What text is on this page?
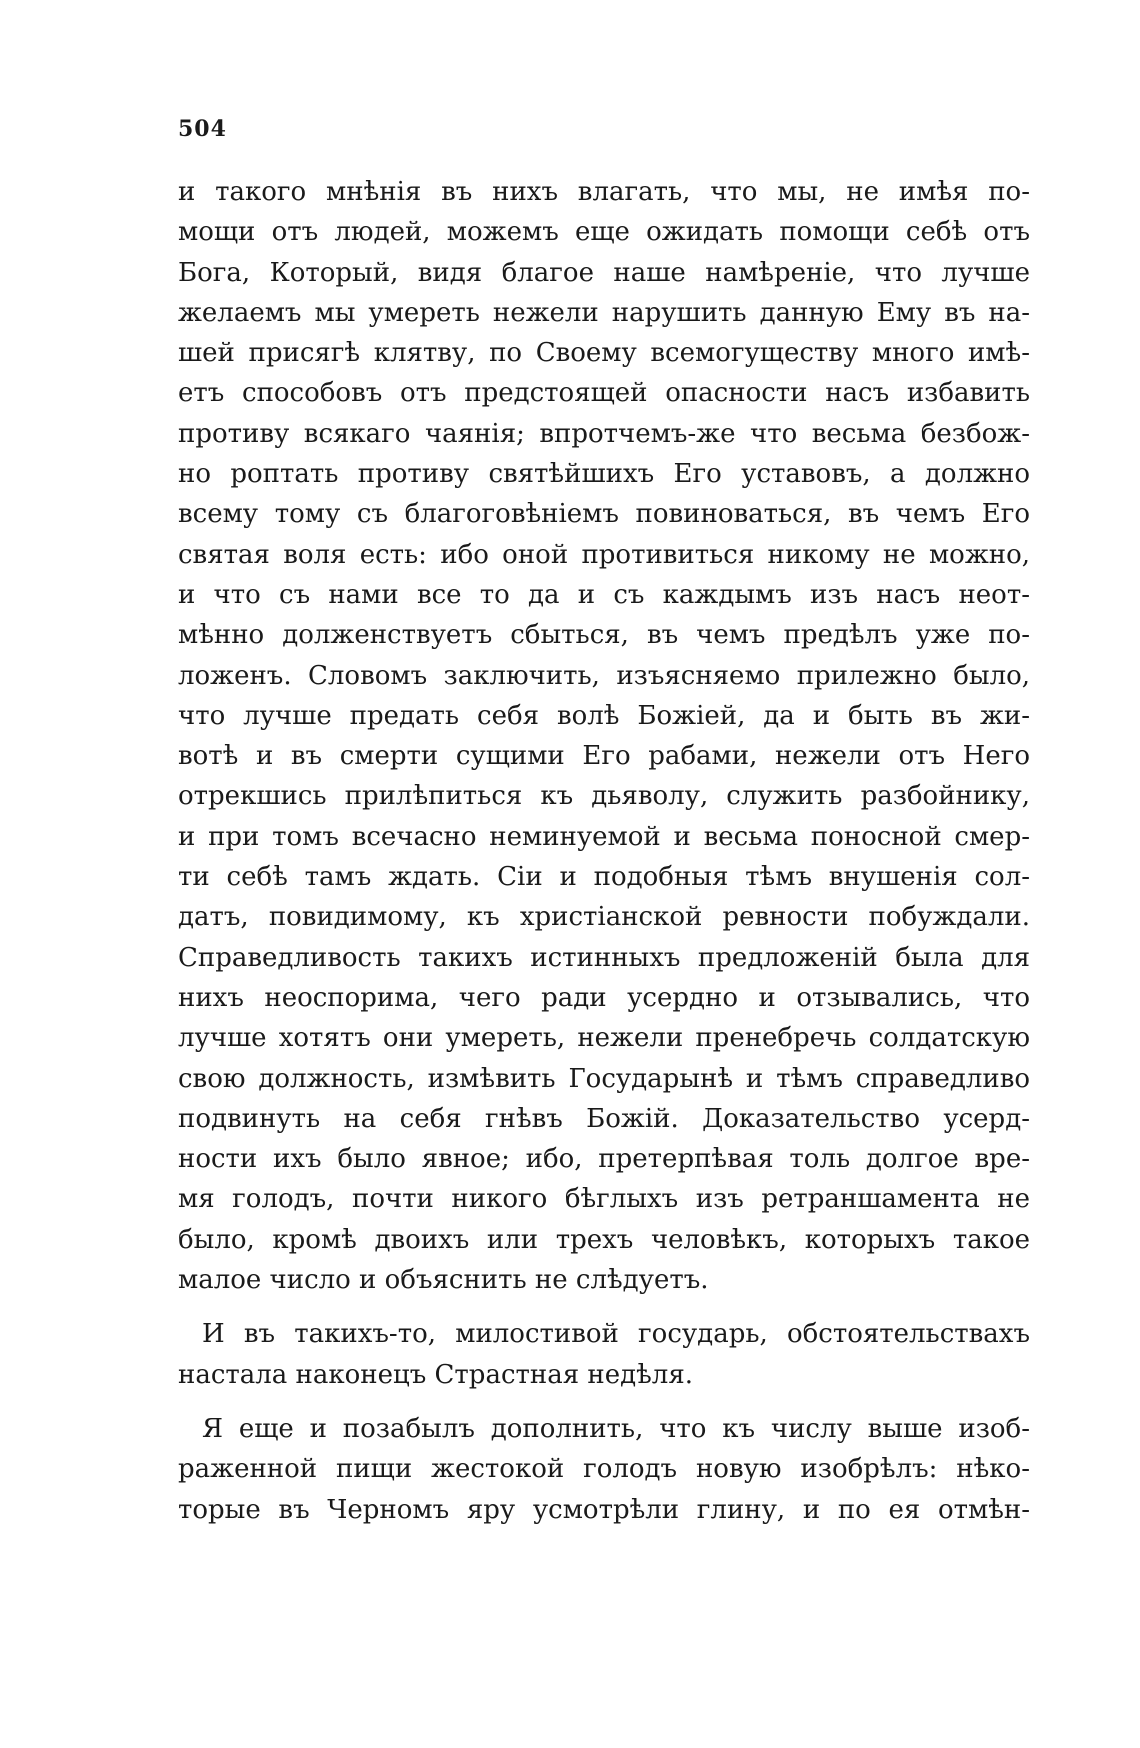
504
и такого мнѣнія въ нихъ влагать, что мы, не имѣя по-
мощи отъ людей, можемъ еще ожидать помощи себѣ отъ
Бога, Который, видя благое наше намѣреніе, что лучше
желаемъ мы умереть нежели нарушить данную Ему въ на-
шей присягѣ клятву, по Своему всемогуществу много имѣ-
етъ способовъ отъ предстоящей опасности насъ избавить
противу всякаго чаянія; впротчемъ-же что весьма безбож-
но роптать противу святѣйшихъ Его уставовъ, а должно
всему тому съ благоговѣніемъ повиноваться, въ чемъ Его
святая воля есть: ибо оной противиться никому не можно,
и что съ нами все то да и съ каждымъ изъ насъ неот-
мѣнно долженствуетъ сбыться, въ чемъ предѣлъ уже по-
ложенъ. Словомъ заключить, изъясняемо прилежно было,
что лучше предать себя волѣ Божіей, да и быть въ жи-
вотѣ и въ смерти сущими Его рабами, нежели отъ Него
отрекшись прилѣпиться къ дьяволу, служить разбойнику,
и при томъ всечасно неминуемой и весьма поносной смер-
ти себѣ тамъ ждать. Сіи и подобныя тѣмъ внушенія сол-
датъ, повидимому, къ христіанской ревности побуждали.
Справедливость такихъ истинныхъ предложеній была для
нихъ неоспорима, чего ради усердно и отзывались, что
лучше хотятъ они умереть, нежели пренебречь солдатскую
свою должность, измѣвить Государынѣ и тѣмъ справедливо
подвинуть на себя гнѣвъ Божій. Доказательство усерд-
ности ихъ было явное; ибо, претерпѣвая толь долгое вре-
мя голодъ, почти никого бѣглыхъ изъ ретраншамента не
было, кромѣ двоихъ или трехъ человѣкъ, которыхъ такое
малое число и объяснить не слѣдуетъ.
И въ такихъ-то, милостивой государь, обстоятельствахъ
настала наконецъ Страстная недѣля.
Я еще и позабылъ дополнить, что къ числу выше изоб-
раженной пищи жестокой голодъ новую изобрѣлъ: нѣко-
торые въ Черномъ яру усмотрѣли глину, и по ея отмѣн-
